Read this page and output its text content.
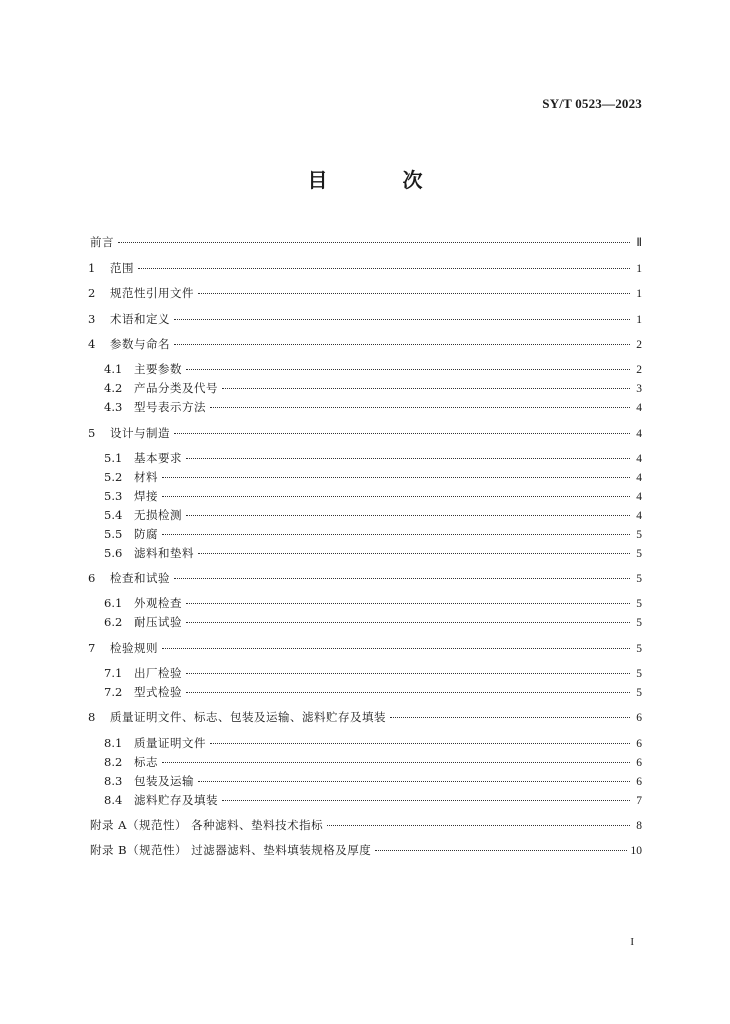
SY/T 0523—2023
目 次
前言	Ⅱ
1	范围	1
2	规范性引用文件	1
3	术语和定义	1
4	参数与命名	2
4.1	主要参数	2
4.2	产品分类及代号	3
4.3	型号表示方法	4
5	设计与制造	4
5.1	基本要求	4
5.2	材料	4
5.3	焊接	4
5.4	无损检测	4
5.5	防腐	5
5.6	滤料和垫料	5
6	检查和试验	5
6.1	外观检查	5
6.2	耐压试验	5
7	检验规则	5
7.1	出厂检验	5
7.2	型式检验	5
8	质量证明文件、标志、包装及运输、滤料贮存及填装	6
8.1	质量证明文件	6
8.2	标志	6
8.3	包装及运输	6
8.4	滤料贮存及填装	7
附录 A（规范性） 各种滤料、垫料技术指标	8
附录 B（规范性） 过滤器滤料、垫料填装规格及厚度	10
I
